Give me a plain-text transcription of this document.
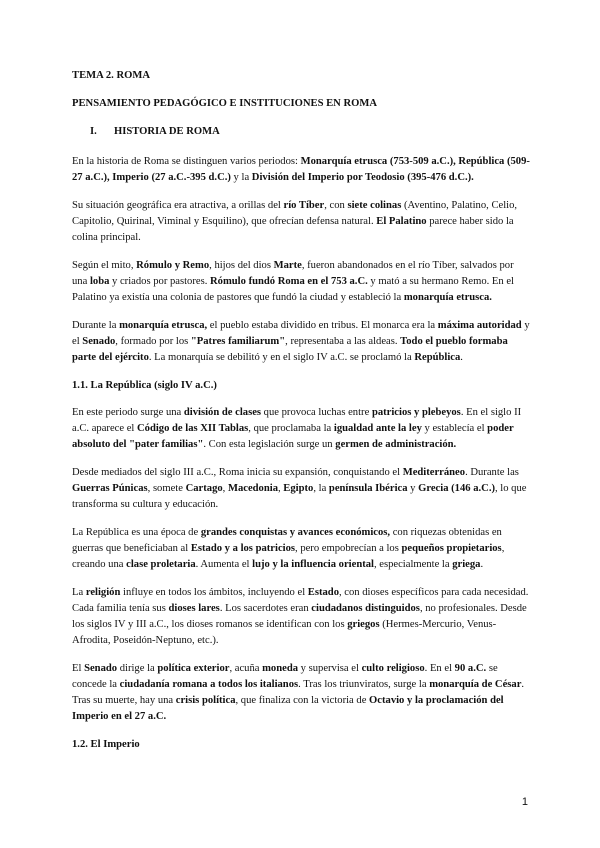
TEMA 2. ROMA
PENSAMIENTO PEDAGÓGICO E INSTITUCIONES EN ROMA
I. HISTORIA DE ROMA

En la historia de Roma se distinguen varios periodos: Monarquía etrusca (753-509 a.C.), República (509-27 a.C.), Imperio (27 a.C.-395 d.C.) y la División del Imperio por Teodosio (395-476 d.C.).

Su situación geográfica era atractiva, a orillas del río Tíber, con siete colinas (Aventino, Palatino, Celio, Capitolio, Quirinal, Viminal y Esquilino), que ofrecían defensa natural. El Palatino parece haber sido la colina principal.

Según el mito, Rómulo y Remo, hijos del dios Marte, fueron abandonados en el río Tíber, salvados por una loba y criados por pastores. Rómulo fundó Roma en el 753 a.C. y mató a su hermano Remo. En el Palatino ya existía una colonia de pastores que fundó la ciudad y estableció la monarquía etrusca.

Durante la monarquía etrusca, el pueblo estaba dividido en tribus. El monarca era la máxima autoridad y el Senado, formado por los "Patres familiarum", representaba a las aldeas. Todo el pueblo formaba parte del ejército. La monarquía se debilitó y en el siglo IV a.C. se proclamó la República.

1.1. La República (siglo IV a.C.)

En este periodo surge una división de clases que provoca luchas entre patricios y plebeyos. En el siglo II a.C. aparece el Código de las XII Tablas, que proclamaba la igualdad ante la ley y establecía el poder absoluto del "pater familias". Con esta legislación surge un germen de administración.

Desde mediados del siglo III a.C., Roma inicia su expansión, conquistando el Mediterráneo. Durante las Guerras Púnicas, somete Cartago, Macedonia, Egipto, la península Ibérica y Grecia (146 a.C.), lo que transforma su cultura y educación.

La República es una época de grandes conquistas y avances económicos, con riquezas obtenidas en guerras que beneficiaban al Estado y a los patricios, pero empobrecían a los pequeños propietarios, creando una clase proletaria. Aumenta el lujo y la influencia oriental, especialmente la griega.

La religión influye en todos los ámbitos, incluyendo el Estado, con dioses específicos para cada necesidad. Cada familia tenía sus dioses lares. Los sacerdotes eran ciudadanos distinguidos, no profesionales. Desde los siglos IV y III a.C., los dioses romanos se identifican con los griegos (Hermes-Mercurio, Venus-Afrodita, Poseidón-Neptuno, etc.).

El Senado dirige la política exterior, acuña moneda y supervisa el culto religioso. En el 90 a.C. se concede la ciudadanía romana a todos los italianos. Tras los triunviratos, surge la monarquía de César. Tras su muerte, hay una crisis política, que finaliza con la victoria de Octavio y la proclamación del Imperio en el 27 a.C.

1.2. El Imperio
1
